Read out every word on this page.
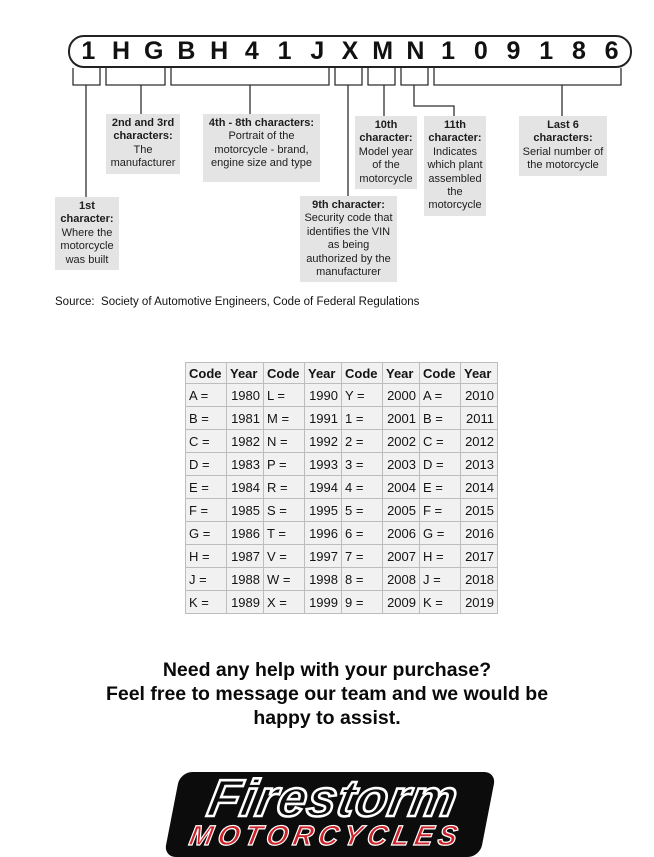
1 H G B H 4 1 J X M N 1 0 9 1 8 6
1st character:
Where the motorcycle was built
2nd and 3rd characters:
The manufacturer
4th - 8th characters:
Portrait of the motorcycle - brand, engine size and type
9th character:
Security code that identifies the VIN as being authorized by the manufacturer
10th character:
Model year of the motorcycle
11th character:
Indicates which plant assembled the motorcycle
Last 6 characters:
Serial number of the motorcycle
Source:  Society of Automotive Engineers, Code of Federal Regulations
Code	Year	Code	Year	Code	Year	Code	Year
A =	1980	L =	1990	Y =	2000	A =	2010
B =	1981	M =	1991	1 =	2001	B =	2011
C =	1982	N =	1992	2 =	2002	C =	2012
D =	1983	P =	1993	3 =	2003	D =	2013
E =	1984	R =	1994	4 =	2004	E =	2014
F =	1985	S =	1995	5 =	2005	F =	2015
G =	1986	T =	1996	6 =	2006	G =	2016
H =	1987	V =	1997	7 =	2007	H =	2017
J =	1988	W =	1998	8 =	2008	J =	2018
K =	1989	X =	1999	9 =	2009	K =	2019
Need any help with your purchase?
Feel free to message our team and we would be
happy to assist.
Firestorm
MOTORCYCLES
